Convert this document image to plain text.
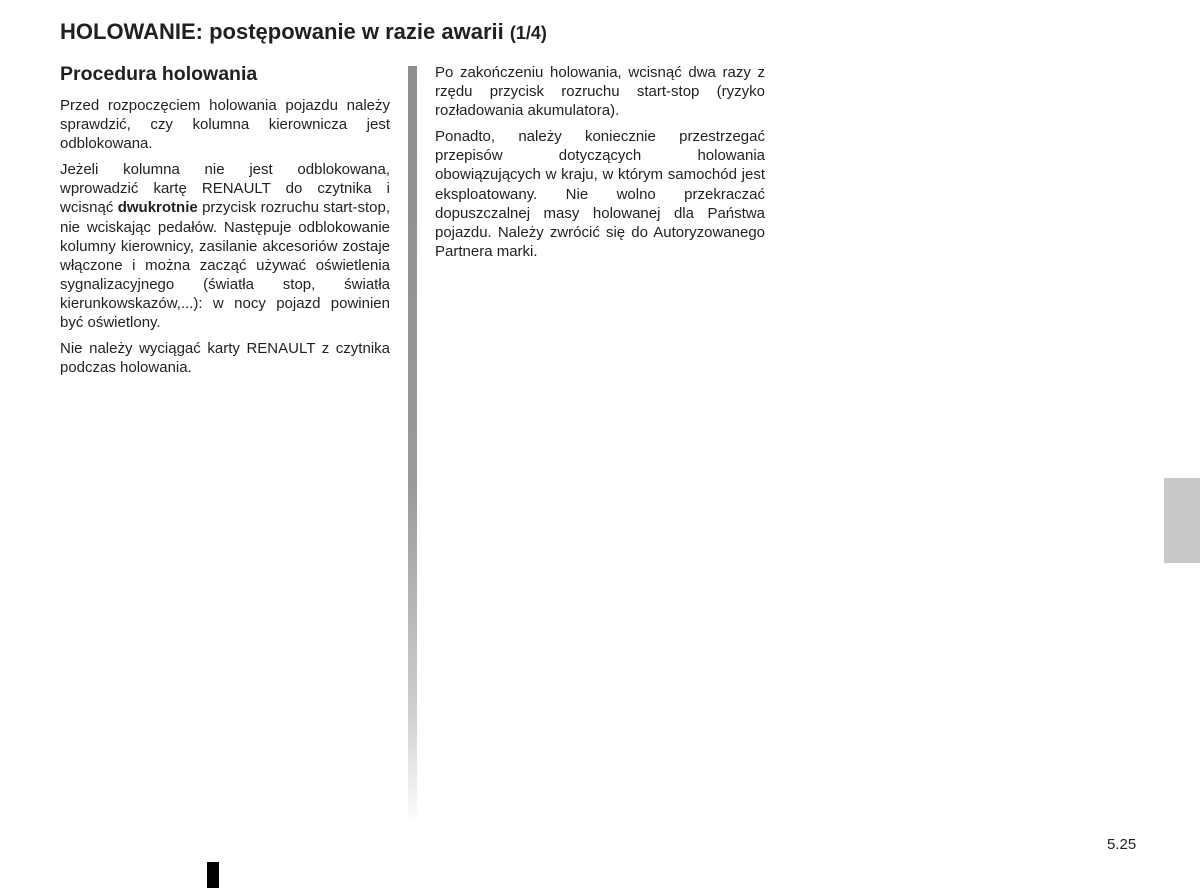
HOLOWANIE: postępowanie w razie awarii (1/4)
Procedura holowania

Przed rozpoczęciem holowania pojazdu należy sprawdzić, czy kolumna kierownicza jest odblokowana.

Jeżeli kolumna nie jest odblokowana, wprowadzić kartę RENAULT do czytnika i wcisnąć dwukrotnie przycisk rozruchu start-stop, nie wciskając pedałów. Następuje odblokowanie kolumny kierownicy, zasilanie akcesoriów zostaje włączone i można zacząć używać oświetlenia sygnalizacyjnego (światła stop, światła kierunkowskazów,...): w nocy pojazd powinien być oświetlony.

Nie należy wyciągać karty RENAULT z czytnika podczas holowania.

Po zakończeniu holowania, wcisnąć dwa razy z rzędu przycisk rozruchu start-stop (ryzyko rozładowania akumulatora).

Ponadto, należy koniecznie przestrzegać przepisów dotyczących holowania obowiązujących w kraju, w którym samochód jest eksploatowany. Nie wolno przekraczać dopuszczalnej masy holowanej dla Państwa pojazdu. Należy zwrócić się do Autoryzowanego Partnera marki.

5.25
